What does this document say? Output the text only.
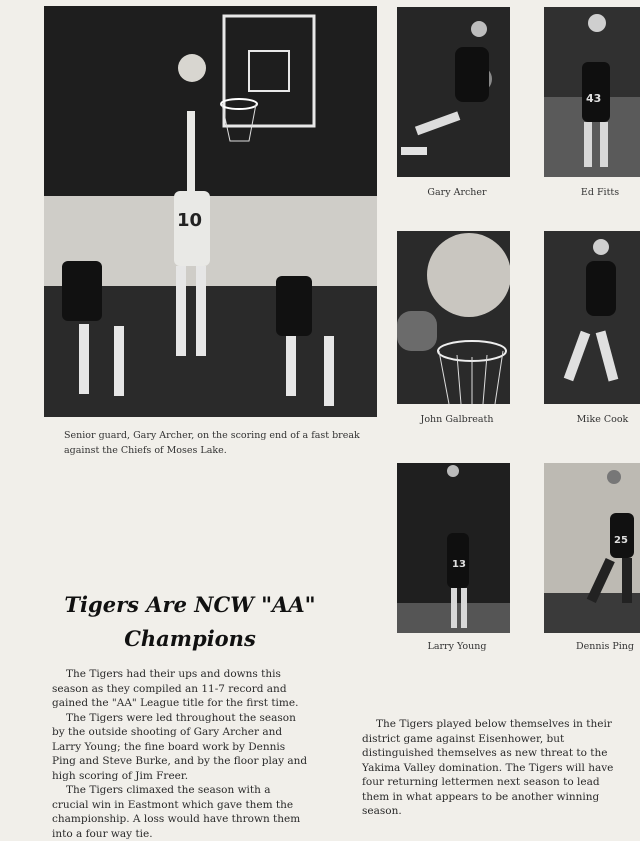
10
Gary Archer
43
Ed Fitts
John Galbreath	Mike Cook
13
Larry Young
25
Dennis Ping
Senior guard, Gary Archer, on the scoring end of a fast break against the Chiefs of Moses Lake.
Tigers Are NCW "AA"
Champions

The Tigers had their ups and downs this season as they compiled an 11-7 record and gained the "AA" League title for the first time.

The Tigers were led throughout the season by the outside shooting of Gary Archer and Larry Young; the fine board work by Dennis Ping and Steve Burke, and by the floor play and high scoring of Jim Freer.

The Tigers climaxed the season with a crucial win in Eastmont which gave them the championship. A loss would have thrown them into a four way tie.

The Tigers played below themselves in their district game against Eisenhower, but distinguished themselves as new threat to the Yakima Valley domination. The Tigers will have four returning lettermen next season to lead them in what appears to be another winning season.
